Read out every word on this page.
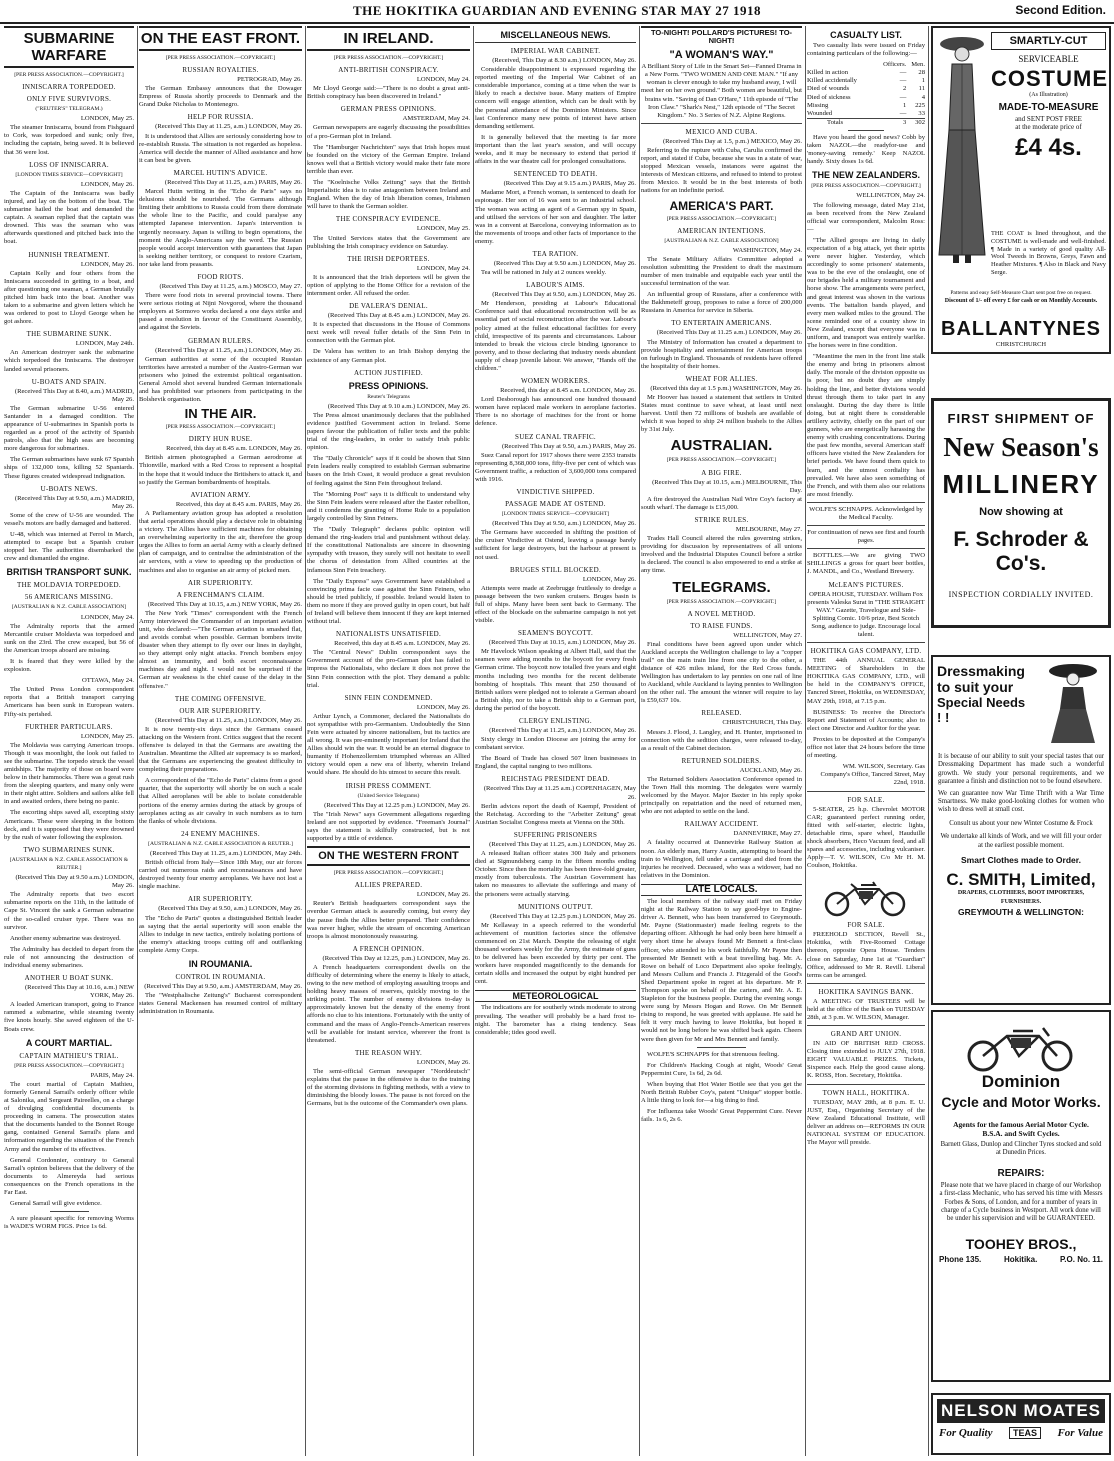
THE HOKITIKA GUARDIAN AND EVENING STAR MAY 27 1918	Second Edition.
SUBMARINE WARFARE
[PER PRESS ASSOCIATION.—COPYRIGHT.]
INNISCARRA TORPEDOED.
ONLY FIVE SURVIVORS.
("REUTER'S" TELEGRAM.)
LONDON, May 25.

The steamer Inniscarra, bound from Fishguard to Cork, was torpedoed and sunk; only five, including the captain, being saved. It is believed that 36 were lost.

LOSS OF INNISCARRA.
[LONDON TIMES SERVICE—COPYRIGHT]
LONDON, May 26.

The Captain of the Inniscarra was badly injured, and lay on the bottom of the boat. The submarine hailed the boat and demanded the captain. A seaman replied that the captain was drowned. This was the seaman who was afterwards questioned and pitched back into the boat.

HUNNISH TREATMENT.
LONDON, May 26.

Captain Kelly and four others from the Inniscarra succeeded in getting to a boat, and after questioning one seaman, a German brutally pitched him back into the boat. Another was taken to a submarine and given letters which he was ordered to post to Lloyd George when he got ashore.

THE SUBMARINE SUNK.
LONDON, May 24th.

An American destroyer sank the submarine which torpedoed the Inniscarra. The destroyer landed several prisoners.

U-BOATS AND SPAIN.
(Received This Day at 8.40, a.m.) MADRID, May 26.

The German submarine U-56 entered Santander in a damaged condition. The appearance of U-submarines in Spanish ports is regarded as a proof of the activity of Spanish patrols, also that the high seas are becoming more dangerous for submarines.

The German submarines have sunk 67 Spanish ships of 132,000 tons, killing 52 Spaniards. These figures created widespread indignation.

U-BOATS NEWS.
(Received This Day at 9.50, a.m.) MADRID, May 26.

Some of the crew of U-56 are wounded. The vessel's motors are badly damaged and battered.

U-48, which was interned at Ferrol in March, attempted to escape but a Spanish cruiser stopped her. The authorities disembarked the crew and dismantled the engine.

BRITISH TRANSPORT SUNK.
THE MOLDAVIA TORPEDOED.
56 AMERICANS MISSING.
[AUSTRALIAN & N.Z. CABLE ASSOCIATION]
LONDON, May 24.

The Admiralty reports that the armed Mercantile cruiser Moldavia was torpedoed and sunk on the 23rd. The crew escaped, but 56 of the American troops aboard are missing.

It is feared that they were killed by the explosion.

OTTAWA, May 24.

The United Press London correspondent reports that a British transport carrying Americans has been sunk in European waters. Fifty-six perished.

FURTHER PARTICULARS.
LONDON, May 25.

The Moldavia was carrying American troops. Though it was moonlight, the look out failed to see the submarine. The torpedo struck the vessel amidships. The majority of those on board were below in their hammocks. There was a great rush from the sleeping quarters, and many only were in their night attire. Soldiers and sailors alike fell in and awaited orders, there being no panic.

The escorting ships saved all, excepting sixty Americans. These were sleeping in the bottom deck, and it is supposed that they were drowned by the rush of water following the explosion.

TWO SUBMARINES SUNK.
[AUSTRALIAN & N.Z. CABLE ASSOCIATION & REUTER.]
(Received This Day at 9.50 a.m.) LONDON, May 26.

The Admiralty reports that two escort submarine reports on the 11th, in the latitude of Cape St. Vincent the sank a German submarine of the so-called cruiser type. There was no survivor.

Another enemy submarine was destroyed.

The Admiralty has decided to depart from the rule of not announcing the destruction of individual enemy submarines.

ANOTHER U BOAT SUNK.
(Received This Day at 10.16, a.m.) NEW YORK, May 26.

A loaded American transport, going to France rammed a submarine, while steaming twenty five knots hourly. She saved eighteen of the U-Boats crew.

A COURT MARTIAL.
CAPTAIN MATHIEU'S TRIAL.
[PER PRESS ASSOCIATION.—COPYRIGHT.]
PARIS, May 24.

The court martial of Captain Mathieu, formerly General Sarrail's orderly officer while at Salonika, and Sergeant Paireelles, on a charge of divulging confidential documents is proceeding in camera. The prosecution states that the documents handed to the Bonnet Rouge gang, contained General Sarrail's plans and information regarding the situation of the French Army and the number of its effectives.

General Cordonnier, contrary to General Sarrail's opinion believes that the delivery of the documents to Almereyda had serious consequences on the French operations in the Far East.

General Sarrail will give evidence.

A sure pleasant specific for removing Worms is WADE'S WORM FIGS. Price 1s 6d.

ON THE EAST FRONT.
[PER PRESS ASSOCIATION.—COPYRIGHT.]
RUSSIAN ROYALTIES.
PETROGRAD, May 26.

The German Embassy announces that the Dowager Empress of Russia shortly proceeds to Denmark and the Grand Duke Nicholas to Montenegro.

HELP FOR RUSSIA.
(Received This Day at 11.25, a.m.) LONDON, May 26.

It is understood that Allies are seriously considering how to re-establish Russia. The situation is not regarded as hopeless. America will decide the manner of Allied assistance and how it can best be given.

MARCEL HUTIN'S ADVICE.
(Received This Day at 11.25, a.m.) PARIS, May 26.

Marcel Hutin writing in the "Echo de Paris" says no delusions should be nourished. The Germans although limiting their ambitions to Russia could from there dominate the whole line to the Pacific, and could paralyse any attempted Japanese intervention. Japan's intervention is urgently necessary. Japan is willing to begin operations, the moment the Anglo-Americans say the word. The Russian people would accept intervention with guarantees that Japan is seeking neither territory, or conquest to restore Czarism, nor take land from peasants.

FOOD RIOTS.
(Received This Day at 11.25, a.m.) MOSCO, May 27.

There were food riots in several provincial towns. There were serious rioting at Nijni Novgorod, where the thousand employers at Sormovo works declared a one days strike and passed a resolution in favour of the Constituent Assembly, and against the Soviets.

GERMAN RULERS.
(Received This Day at 11.25, a.m.) LONDON, May 26.

German authorities at some of the occupied Russian territories have arrested a number of the Austro-German war prisoners who joined the extremist political organisation. General Arnold shot several hundred German internationals and has prohibited war prisoners from participating in the Bolshevik organisation.

IN THE AIR.
[PER PRESS ASSOCIATION.—COPYRIGHT.]
DIRTY HUN RUSE.
Received, this day at 8.45 a.m. LONDON, May 26.

British airmen photographed a German aerodrome at Thionville, marked with a Red Cross to represent a hospital in the hope that it would induce the Britishers to attack it, and so justify the German bombardments of hospitals.

AVIATION ARMY.
Received, this day at 8.45 a.m. PARIS, May 26.

A Parliamentary aviation group has adopted a resolution that aerial operations should play a decisive role in obtaining a victory. The Allies have sufficient machines for obtaining an overwhelming superiority in the air, therefore the group urges the Allies to form an aerial Army with a clearly defined plan of campaign, and to centralise the administration of the air services, with a view to speeding up the production of machines and also to organise an air army of picked men.

AIR SUPERIORITY.
A FRENCHMAN'S CLAIM.
(Received This Day at 10.15, a.m.) NEW YORK, May 26.

The New York "Times" correspondent with the French Army interviewed the Commander of an important aviation unit, who declared:—"The German aviation is smashed flat, and avoids combat when possible. German bombers invite disaster when they attempt to fly over our lines in daylight, so they attempt only night attacks. French bombers enjoy almost an immunity, and both escort reconnaissance machines day and night. I would not be surprised if the German air weakness is the chief cause of the delay in the offensive."

THE COMING OFFENSIVE.
OUR AIR SUPERIORITY.
(Received This Day at 11.25, a.m.) LONDON, May 26.

It is now twenty-six days since the Germans ceased attacking on the Western front. Critics suggest that the recent offensive is delayed in that the Germans are awaiting the Australian. Meantime the Allied air supremacy is so marked, that the Germans are experiencing the greatest difficulty in completing their preparations.

A correspondent of the "Echo de Paris" claims from a good quarter, that the superiority will shortly be on such a scale that Allied aeroplanes will be able to isolate considerable portions of the enemy armies during the attack by groups of aeroplanes acting as air cavalry in such numbers as to turn the flanks of whole divisions.

24 ENEMY MACHINES.
[AUSTRALIAN & N.Z. CABLE ASSOCIATION & REUTER.]
(Received This Day at 11.25, a.m.) LONDON, May 24th.

British official from Italy—Since 18th May, our air forces carried out numerous raids and reconnaissances and have destroyed twenty four enemy aeroplanes. We have not lost a single machine.

AIR SUPERIORITY.
(Received This Day at 9.50, a.m.) LONDON, May 26.

The "Echo de Paris" quotes a distinguished British leader as saying that the aerial superiority will soon enable the Allies to indulge in new tactics, entirely isolating portions of the enemy's attacking troops cutting off and outflanking complete Army Corps.

IN ROUMANIA.
CONTROL IN ROUMANIA.
(Received This Day at 9.50, a.m.) AMSTERDAM, May 26.

The "Westphalische Zeitung's" Bucharest correspondent states General Mackensen has resumed control of military administration in Roumania.

IN IRELAND.
[PER PRESS ASSOCIATION.—COPYRIGHT.]
ANTI-BRITISH CONSPIRACY.
LONDON, May 24.

Mr Lloyd George said:—"There is no doubt a great anti-British conspiracy has been discovered in Ireland."

GERMAN PRESS OPINIONS.
AMSTERDAM, May 24.

German newspapers are eagerly discussing the possibilities of a pro-German plot in Ireland.

The "Hamburger Nachrichten" says that Irish hopes must be founded on the victory of the German Empire. Ireland knows well that a British victory would make their fate more terrible than ever.

The "Koelnische Volks Zeitung" says that the British Imperialistic idea is to raise antagonism between Ireland and England. When the day of Irish liberation comes, Irishmen will have to thank the German soldier.

THE CONSPIRACY EVIDENCE.
LONDON, May 25.

The United Services states that the Government are publishing the Irish conspiracy evidence on Saturday.

THE IRISH DEPORTEES.
LONDON, May 24.

It is announced that the Irish deportees will be given the option of applying to the Home Office for a revision of the internment order. All refused the order.

DE VALERA'S DENIAL.
(Received This Day at 8.45 a.m.) LONDON, May 26.

It is expected that discussions in the House of Commons next week will reveal fuller details of the Sinn Fein in connection with the German plot.

De Valera has written to an Irish Bishop denying the existence of any German plot.

ACTION JUSTIFIED.
PRESS OPINIONS.
Reuter's Telegrams
(Received This Day at 9.10 a.m.) LONDON, May 26.

The Press almost unanimously declares that the published evidence justified Government action in Ireland. Some papers favour the publication of fuller texts and the public trial of the ring-leaders, in order to satisfy Irish public opinion.

The "Daily Chronicle" says if it could be shown that Sinn Fein leaders really conspired to establish German submarine bases on the Irish Coast, it would produce a great revulsion of feeling against the Sinn Fein throughout Ireland.

The "Morning Post" says it is difficult to understand why the Sinn Fein leaders were released after the Easter rebellion, and it condemns the granting of Home Rule to a population largely controlled by Sinn Feiners.

The "Daily Telegraph" declares public opinion will demand the ring-leaders trial and punishment without delay. If the constitutional Nationalists are sincere in disowning sympathy with treason, they surely will not hesitate to swell the chorus of detestation from Allied countries at the infamous Sinn Fein treachery.

The "Daily Express" says Government have established a convincing prima facie case against the Sinn Feiners, who should be tried publicly, if possible. Ireland would listen to them no more if they are proved guilty in open court, but half of Ireland will believe them innocent if they are kept interned without trial.

NATIONALISTS UNSATISFIED.
Received, this day at 8.45 a.m. LONDON, May 26.

The "Central News" Dublin correspondent says the Government account of the pro-German plot has failed to impress the Nationalists, who declare it does not prove the Sinn Fein connection with the plot. They demand a public trial.

SINN FEIN CONDEMNED.
LONDON, May 26.

Arthur Lynch, a Commoner, declared the Nationalists do not sympathise with pro-Germanism. Undoubtedly the Sinn Fein were actuated by sincere nationalism, but its tactics are all wrong. It was pre-eminently important for Ireland that the Allies should win the war. It would be an eternal disgrace to humanity if Hohenzollernism triumphed whereas an Allied victory would open a new era of liberty, wherein Ireland would share. He should do his utmost to secure this result.

IRISH PRESS COMMENT.
(United Service Telegrams)
(Received This Day at 12.25 p.m.) LONDON, May 26.

The "Irish News" says Government allegations regarding Ireland are not supported by evidence. "Freeman's Journal" says the statement is skilfully constructed, but is not supported by a tittle of evidence.

ON THE WESTERN FRONT
[PER PRESS ASSOCIATION.—COPYRIGHT.]
ALLIES PREPARED.
LONDON, May 26.

Reuter's British headquarters correspondent says the overdue German attack is assuredly coming, but every day the pause finds the Allies better prepared. Their confidence was never higher, while the stream of oncoming American troops is almost monotonously reassuring.

A FRENCH OPINION.
(Received This Day at 12.25, p.m.) LONDON, May 26.

A French headquarters correspondent dwells on the difficulty of determining where the enemy is likely to attack, owing to the new method of employing assaulting troops and holding heavy masses of reserves, quickly moving to the striking point. The number of enemy divisions to-day is approximately known but the density of the enemy front affords no clue to his intentions. Fortunately with the unity of command and the mass of Anglo-French-American reserves will be available for instant service, wherever the front is threatened.

THE REASON WHY.
LONDON, May 26.

The semi-official German newspaper "Norddeutsch" explains that the pause in the offensive is due to the training of the storming divisions in fighting methods, with a view to diminishing the bloody losses. The pause is not forced on the Germans, but is the outcome of the Commander's own plans.

MISCELLANEOUS NEWS.
IMPERIAL WAR CABINET.
(Received, This Day at 8.30 a.m.) LONDON, May 26.

Considerable disappointment is expressed regarding the reported meeting of the Imperial War Cabinet of an considerable importance, coming at a time when the war is likely to reach a decisive issue. Many matters of Empire concern will engage attention, which can be dealt with by the personal attendance of the Dominion Ministers. Since last Conference many new points of interest have arisen demanding settlement.

It is generally believed that the meeting is far more important than the last year's session, and will occupy weeks, and it may be necessary to extend that period if affairs in the war theatre call for prolonged consultations.

SENTENCED TO DEATH.
(Received This Day at 9.15 a.m.) PARIS, May 26.

Madame Mort, a French woman, is sentenced to death for espionage. Her son of 16 was sent to an industrial school. The woman was acting as agent of a German spy in Spain, and utilised the services of her son and daughter. The latter was in a convent at Barcelona, conveying information as to the movements of troops and other facts of importance to the enemy.

TEA RATION.
(Received This Day at 9.50 a.m.) LONDON, May 26.

Tea will be rationed in July at 2 ounces weekly.

LABOUR'S AIMS.
(Received This Day at 9.50, a.m.) LONDON, May 26.

Mr Henderson, presiding at Labour's Educational Conference said that educational reconstruction will be as essential part of social reconstruction after the war. Labour's policy aimed at the fullest educational facilities for every child, irrespective of its parents and circumstances. Labour intended to break the vicious circle binding ignorance to poverty, and to those declaring that industry needs abundant supply of cheap juvenile labour. We answer, "Hands off the children."

WOMEN WORKERS.
Received, this day at 8.45 a.m. LONDON, May 26.

Lord Desborough has announced one hundred thousand women have replaced male workers in aeroplane factories. There is no shortage of machines for the front or home defence.

SUEZ CANAL TRAFFIC.
(Received This Day at 9.50, a.m.) PARIS, May 26.

Suez Canal report for 1917 shows there were 2353 transits representing 8,368,000 tons, fifty-five per cent of which was Government traffic, a reduction of 3,600,000 tons compared with 1916.

VINDICTIVE SHIPPED.
PASSAGE MADE AT OSTEND.
[LONDON TIMES SERVICE—COPYRIGHT]
(Received This Day at 9.50, a.m.) LONDON, May 26.

The Germans have succeeded in shifting the position of the cruiser Vindictive at Ostend, leaving a passage barely sufficient for large destroyers, but the harbour at present is not used.

BRUGES STILL BLOCKED.
LONDON, May 26.

Attempts were made at Zeebrugge fruitlessly to dredge a passage between the two sunken cruisers. Bruges basin is full of ships. Many have been sent back to Germany. The effect of the blockade on the submarine campaign is not yet visible.

SEAMEN'S BOYCOTT.
(Received This Day at 10.15, a.m.) LONDON, May 26.

Mr Havelock Wilson speaking at Albert Hall, said that the seamen were adding months to the boycott for every fresh German crime. The boycott now totalled five years and eight months including two months for the recent deliberate bombing of hospitals. This meant that 250 thousand of British sailors were pledged not to tolerate a German aboard a British ship, nor to take a British ship to a German port, during the period of the boycott.

CLERGY ENLISTING.
(Received This Day at 11.25, a.m.) LONDON, May 26.

Sixty clergy in London Diocese are joining the army for combatant service.

The Board of Trade has closed 507 linen businesses in England, the capital ranging to two millions.

REICHSTAG PRESIDENT DEAD.
(Received This Day at 11.25 a.m.) COPENHAGEN, May 26.

Berlin advices report the death of Kaempf, President of the Reichstag. According to the "Arbeiter Zeitung" great Austrian Socialist Congress meets at Vienna on the 30th.

SUFFERING PRISONERS
(Received This Day at 11.25, a.m.) LONDON, May 26.

A released Italian officer states 300 Italy and prisoners died at Sigmundsberg camp in the fifteen months ending October. Since then the mortality has been three-fold greater, mostly from tuberculosis. The Austrian Government has taken no measures to alleviate the sufferings and many of the prisoners were actually starving.

MUNITIONS OUTPUT.
(Received This Day at 12.25 p.m.) LONDON, May 26.

Mr Kellaway in a speech referred to the wonderful achievement of munition factories since the offensive commenced on 21st March. Despite the releasing of eight thousand workers weekly for the Army, the estimate of guns to be delivered has been exceeded by thirty per cent. The workers have responded magnificently to the demands for certain skills and increased the output by eight hundred per cent.

METEOROLOGICAL

The indications are for southerly winds moderate to strong prevailing. The weather will probably be a hard frost to-night. The barometer has a rising tendency. Seas considerable; tides good swell.

TO-NIGHT! POLLARD'S PICTURES! TO-NIGHT!
"A WOMAN'S WAY."

A Brilliant Story of Life in the Smart Set—Fanned Drama in a New Form. "TWO WOMEN AND ONE MAN." "If any woman is clever enough to take my husband away, I will meet her on her own ground." Both women are beautiful, but brains win. "Saving of Dan O'Hare," 11th episode of "The Iron Claw." "Shark's Nest," 12th episode of "The Secret Kingdom." No. 3 Series of N.Z. Alpine Regions.

MEXICO AND CUBA.
(Received This Day at 1.5, p.m.) MEXICO, May 26.

Referring to the rupture with Cuba, Carulia confirmed the report, and stated if Cuba, because she was in a state of war, stopped Mexican vessels, instances were against the interests of Mexican citizens, and refused to intend to protest from Mexico. It would be in the best interests of both nations for an indefinite period.

AMERICA'S PART.
[PER PRESS ASSOCIATION.—COPYRIGHT.]
AMERICAN INTENTIONS.
[AUSTRALIAN & N.Z. CABLE ASSOCIATION]
WASHINGTON, May 24.

The Senate Military Affairs Committee adopted a resolution submitting the President to draft the maximum number of men trainable and equipable each year until the successful termination of the war.

An influential group of Russians, after a conference with the Bakhmeteff group, proposes to raise a force of 200,000 Russians in America for service in Siberia.

TO ENTERTAIN AMERICANS.
(Received This Day at 11.25 a.m.) LONDON, May 26.

The Ministry of Information has created a department to provide hospitality and entertainment for American troops on furlough in England. Thousands of residents have offered the hospitality of their homes.

WHEAT FOR ALLIES.
(Received this day at 1.5 p.m.) WASHINGTON, May 26.

Mr Hoover has issued a statement that settlers in United States must continue to save wheat, at least until next harvest. Until then 72 millions of bushels are available of which it was hoped to ship 24 million bushels to the Allies by 31st July.

AUSTRALIAN.
[PER PRESS ASSOCIATION.—COPYRIGHT.]
A BIG FIRE.
(Received This Day at 10.15, a.m.) MELBOURNE, This Day.

A fire destroyed the Australian Nail Wire Coy's factory at south wharf. The damage is £15,000.

STRIKE RULES.
MELBOURNE, May 27.

Trades Hall Council altered the rules governing strikes, providing for discussion by representatives of all unions involved and the Industrial Disputes Council before a strike is declared. The council is also empowered to end a strike at any time.

TELEGRAMS.
[PER PRESS ASSOCIATION.—COPYRIGHT.]
A NOVEL METHOD.
TO RAISE FUNDS.
WELLINGTON, May 27.

Final conditions have been agreed upon under which Auckland accepts the Wellington challenge to lay a "copper trail" on the main train line from one city to the other, a distance of 426 miles inland, for the Red Cross funds. Wellington has undertaken to lay pennies on one rail of line to Auckland, while Auckland is laying pennies to Wellington on the other rail. The amount the winner will require to lay is £59,637 10s.

RELEASED.
CHRISTCHURCH, This Day.

Messrs J. Flood, J. Langley, and H. Hunter, imprisoned in connection with the sedition charges, were released to-day, as a result of the Cabinet decision.

RETURNED SOLDIERS.
AUCKLAND, May 26.

The Returned Soldiers Association Conference opened in the Town Hall this morning. The delegates were warmly welcomed by the Mayor. Major Baxter in his reply spoke principally on repatriation and the need of returned men, who are not adapted to settle on the land.

RAILWAY ACCIDENT.
DANNEVIRKE, May 27.

A fatality occurred at Dannevirke Railway Station at noon. An elderly man, Harry Austin, attempting to board the train to Wellington, fell under a carriage and died from the injuries he received. Deceased, who was a widower, had no relatives in the Dominion.

LATE LOCALS.

The local members of the railway staff met on Friday night at the Railway Station to say good-bye to Engine-driver A. Bennett, who has been transferred to Greymouth. Mr. Payne (Stationmaster) made feeling regrets to the departing officer. Although he had only been here himself a very short time he always found Mr Bennett a first-class officer, who attended to his work faithfully. Mr Payne then presented Mr Bennett with a beat travelling bag. Mr. A. Rowe on behalf of Loco Department also spoke feelingly, and Messrs Cullum and Francis J. Fitzgerald of the Good's Shed Department spoke in regret at his departure. Mr P. Thompson spoke on behalf of the carters, and Mr. A. E. Stapleton for the business people. During the evening songs were sung by Messrs Hogan and Rowe. On Mr Bennett rising to respond, he was greeted with applause. He said he felt it very much having to leave Hokitika, but hoped it would not be long before he was shifted back again. Cheers were then given for Mr and Mrs Bennett and family.

WOLFE'S SCHNAPPS for that strenuous feeling.

For Children's Hacking Cough at night, Woods' Great Peppermint Cure, 1s 6d, 2s 6d.

When buying that Hot Water Bottle see that you get the North British Rubber Coy's, patent "Unique" stopper bottle. A little thing to look for—a big thing to find.

For Influenza take Woods' Great Peppermint Cure. Never fails. 1s 6, 2s 6.

CASUALTY LIST.

Two casualty lists were issued on Friday containing particulars of the following:—

	Officers.	Men.
Killed in action	—	28
Killed accidentally	—	1
Died of wounds	2	11
Died of sickness	—	4
Missing	1	225
Wounded	—	33
Totals	3	302

Have you heard the good news? Cobb by taken NAZOL—the readyfor-use and 'money-saving remedy.' Keep NAZOL handy. Sixty doses 1s 6d.

THE NEW ZEALANDERS.
[PER PRESS ASSOCIATION.—COPYRIGHT.]
WELLINGTON, May 24.

The following message, dated May 21st, as been received from the New Zealand official war correspondent, Malcolm Ross:—

"The Allied groups are living in daily expectation of a big attack, yet their spirits were never higher. Yesterday, which accordingly to some prisoners' statements, was to be the eve of the onslaught, one of our brigades held a military tournament and horse show. The arrangements were perfect, and great interest was shown in the various events. The battalion bands played, and every men walked miles to the ground. The scene reminded one of a country show in New Zealand, except that everyone was in uniform, and transport was entirely warlike. The horses were in fine condition.

"Meantime the men in the front line stalk the enemy and bring in prisoners almost daily. The morale of the division opposite us is poor, but no doubt they are simply holding the line, and better divisions would thrust through them to take part in any onslaught. During the day there is little doing, but at night there is considerable artillery activity, chiefly on the part of our gunners, who are energetically harassing the enemy with crushing concentrations. During the past few months, several American staff officers have visited the New Zealanders for brief periods. We have found them quick to learn, and the utmost cordiality has prevailed. We have also seen something of the French, and with them also our relations are most friendly.

WOLFE'S SCHNAPPS. Acknowledged by the Medical Faculty.

For continuation of news see first and fourth pages.

BOTTLES.—We are giving TWO SHILLINGS a gross for quart beer bottles, J. MANDL, and Co., Westland Brewery.

McLEAN'S PICTURES.

OPERA HOUSE, TUESDAY. William Fox presents Valeska Surat in "THE STRAIGHT WAY." Gazette, Travelogue and Side-Splitting Comic. 10/6 prize, Best Scotch Song, audience to judge. Encourage local talent.

HOKITIKA GAS COMPANY, LTD.

THE 44th ANNUAL GENERAL MEETING of Shareholders in the HOKITIKA GAS COMPANY, LTD., will be held in the COMPANY'S OFFICE, Tancred Street, Hokitika, on WEDNESDAY, MAY 29th, 1918, at 7.15 p.m.

BUSINESS: To receive the Director's Report and Statement of Accounts; also to elect one Director and Auditor for the year.

Proxies to be deposited at the Company's office not later that 24 hours before the time of meeting.

WM. WILSON, Secretary. Gas Company's Office, Tancred Street, May 22nd, 1918.

FOR SALE.

5-SEATER, 25 h.p. Chevrolet MOTOR CAR; guaranteed perfect running order, fitted with self-starter, electric lights, detachable rims, spare wheel, Hauduille shock absorbers, Heco Vacuum feed, and all spares and accessories, including vulcaniser. Apply—T. V. WILSON, C/o Mr H. M. Coulson, Hokitika.

FOR SALE.

FREEHOLD SECTION, Revell St., Hokitika, with Five-Roomed Cottage thereon, opposite Opera House. Tenders close on Saturday, June 1st at "Guardian" Office, addressed to Mr R. Revill. Liberal terms can be arranged.

HOKITIKA SAVINGS BANK.

A MEETING OF TRUSTEES will be held at the office of the Bank on TUESDAY 28th, at 3 p.m. W. WILSON, Manager.

GRAND ART UNION.

IN AID OF BRITISH RED CROSS. Closing time extended to JULY 27th, 1918. EIGHT VALUABLE PRIZES. Tickets, Sixpence each. Help the good cause along. K. ROSS, Hon. Secretary, Hokitika.

TOWN HALL, HOKITIKA.

TUESDAY, MAY 28th, at 8 p.m. E. U. JUST, Esq., Organising Secretary of the New Zealand Educational Institute, will deliver an address on—REFORMS IN OUR NATIONAL SYSTEM OF EDUCATION. The Mayor will preside.

SMARTLY-CUT
SERVICEABLE
COSTUME
(As Illustration)
MADE-TO-MEASURE
and SENT POST FREE
at the moderate price of
£4 4s.
THE COAT is lined throughout, and the COSTUME is well-made and well-finished. ¶ Made in a variety of good quality All-Wool Tweeds in Browns, Greys, Fawn and Heather Mixtures. ¶ Also in Black and Navy Serge.
Patterns and easy Self-Measure Chart sent post free on request.
Discount of 1/- off every £ for cash or on Monthly Accounts.
BALLANTYNES
CHRISTCHURCH
FIRST SHIPMENT OF
New Season's
MILLINERY
Now showing at
F. Schroder & Co's.
INSPECTION CORDIALLY INVITED.
Dressmaking
to suit your
Special Needs ! !
It is because of our ability to suit your special tastes that our Dressmaking Department has made such a wonderful growth. We study your personal requirements, and we guarantee a finish and distinction not to be found elsewhere.
We can guarantee now War Time Thrift with a War Time Smartness. We make good-looking clothes for women who wish to dress well at small cost.
Consult us about your new Winter Costume & Frock
We undertake all kinds of Work, and we will fill your order at the earliest possible moment.
Smart Clothes made to Order.
C. SMITH, Limited,
DRAPERS, CLOTHIERS, BOOT IMPORTERS, FURNISHERS.
GREYMOUTH & WELLINGTON:
Dominion
Cycle and Motor Works.
Agents for the famous Aerial Motor Cycle.
B.S.A. and Swift Cycles.
Barnett Glass, Dunlop and Clincher Tyres stocked and sold at Dunedin Prices.
REPAIRS:
Please note that we have placed in charge of our Workshop a first-class Mechanic, who has served his time with Messrs Forbes & Sons, of London, and for a number of years in charge of a Cycle business in Westport. All work done will be under his supervision and will be GUARANTEED.
TOOHEY BROS.,
Phone 135.	Hokitika.	P.O. No. 11.
NELSON MOATES
For Quality	TEAS	For Value
